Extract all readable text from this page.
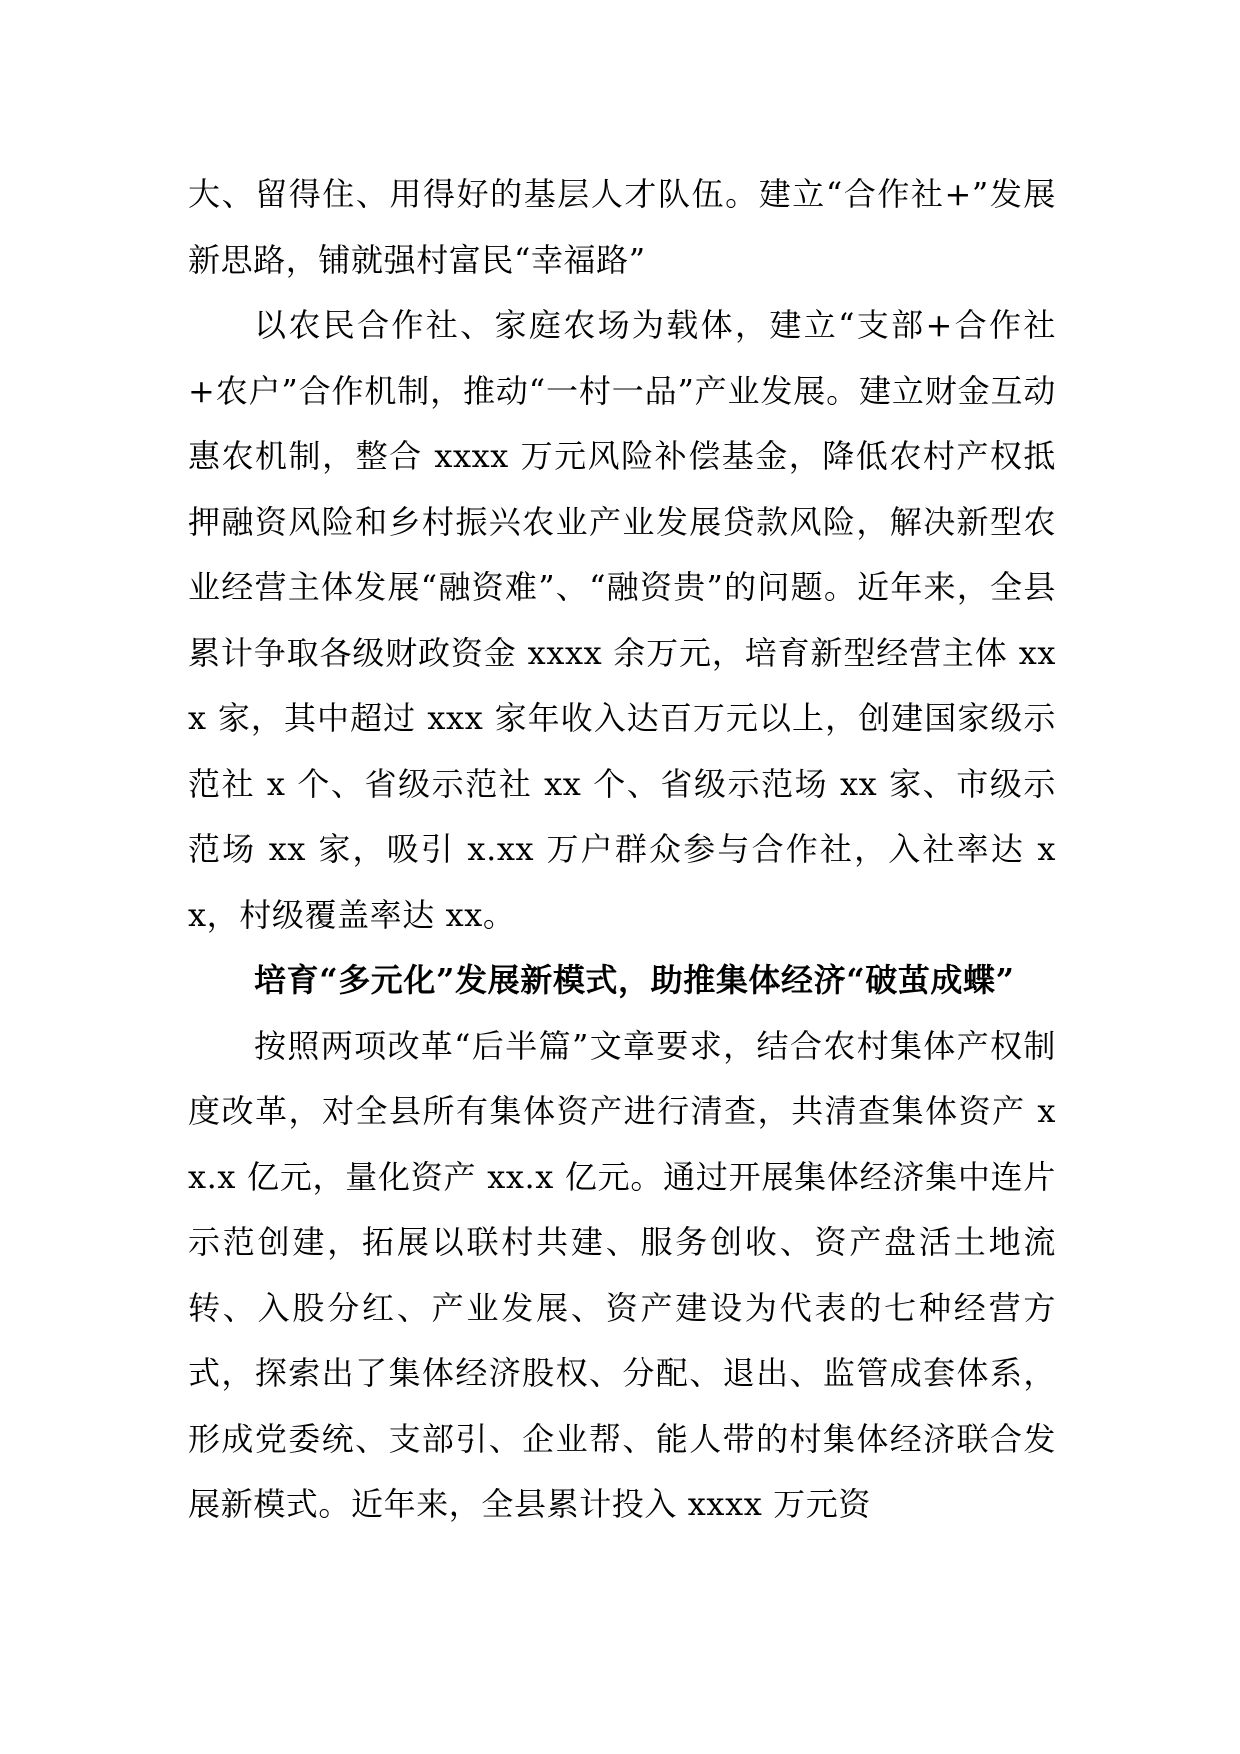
大、留得住、用得好的基层人才队伍。建立“合作社+”发展新思路，铺就强村富民“幸福路”

以农民合作社、家庭农场为载体，建立“支部+合作社+农户”合作机制，推动“一村一品”产业发展。建立财金互动惠农机制，整合 xxxx 万元风险补偿基金，降低农村产权抵押融资风险和乡村振兴农业产业发展贷款风险，解决新型农业经营主体发展“融资难”、“融资贵”的问题。近年来，全县累计争取各级财政资金 xxxx 余万元，培育新型经营主体 xxx 家，其中超过 xxx 家年收入达百万元以上，创建国家级示范社 x 个、省级示范社 xx 个、省级示范场 xx 家、市级示范场 xx 家，吸引 x.xx 万户群众参与合作社，入社率达 xx，村级覆盖率达 xx。

培育“多元化”发展新模式，助推集体经济“破茧成蝶”

按照两项改革“后半篇”文章要求，结合农村集体产权制度改革，对全县所有集体资产进行清查，共清查集体资产 xx.x 亿元，量化资产 xx.x 亿元。通过开展集体经济集中连片示范创建，拓展以联村共建、服务创收、资产盘活土地流转、入股分红、产业发展、资产建设为代表的七种经营方式，探索出了集体经济股权、分配、退出、监管成套体系，形成党委统、支部引、企业帮、能人带的村集体经济联合发展新模式。近年来，全县累计投入 xxxx 万元资
